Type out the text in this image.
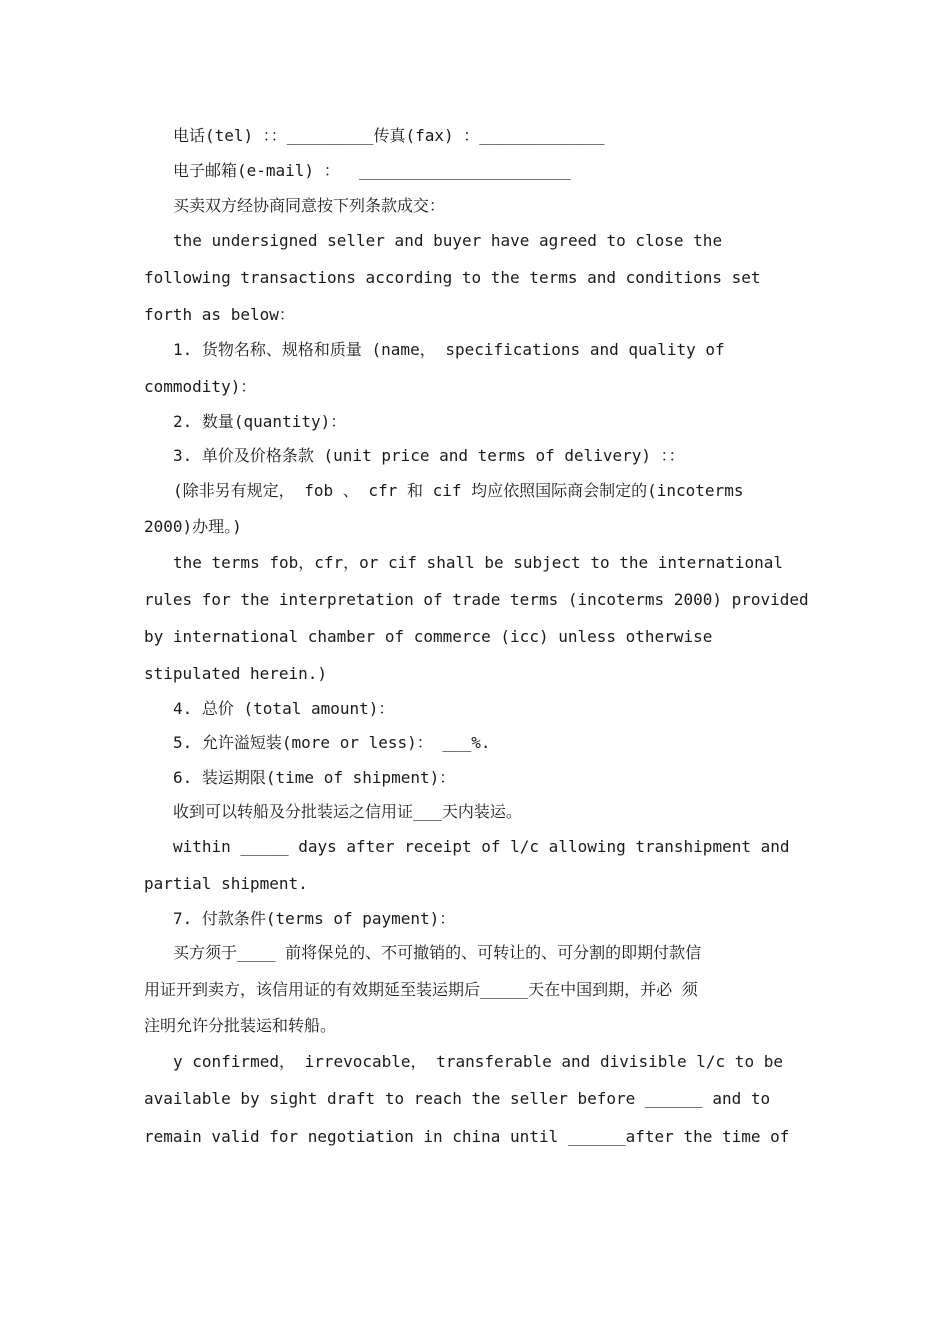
电话(tel) ：：_________传真(fax) ：_____________

电子邮箱(e-mail) ：  ______________________

买卖双方经协商同意按下列条款成交：

the undersigned seller and buyer have agreed to close the

following transactions according to the terms and conditions set

forth as below：

1. 货物名称、规格和质量 (name， specifications and quality of

commodity)：

2. 数量(quantity)：

3. 单价及价格条款 (unit price and terms of delivery) ：：

(除非另有规定， fob 、 cfr 和 cif 均应依照国际商会制定的(incoterms

2000)办理。)

the terms fob，cfr，or cif shall be subject to the international

rules for the interpretation of trade terms (incoterms 2000) provided

by international chamber of commerce (icc) unless otherwise

stipulated herein.)

4. 总价 (total amount)：

5. 允许溢短装(more or less)： ___%.

6. 装运期限(time of shipment)：

收到可以转船及分批装运之信用证___天内装运。

within _____ days after receipt of l/c allowing transhipment and

partial shipment.

7. 付款条件(terms of payment)：

买方须于____ 前将保兑的、不可撤销的、可转让的、可分割的即期付款信

用证开到卖方，该信用证的有效期延至装运期后_____天在中国到期，并必 须

注明允许分批装运和转船。

y confirmed， irrevocable， transferable and divisible l/c to be

available by sight draft to reach the seller before ______ and to

remain valid for negotiation in china until ______after the time of
